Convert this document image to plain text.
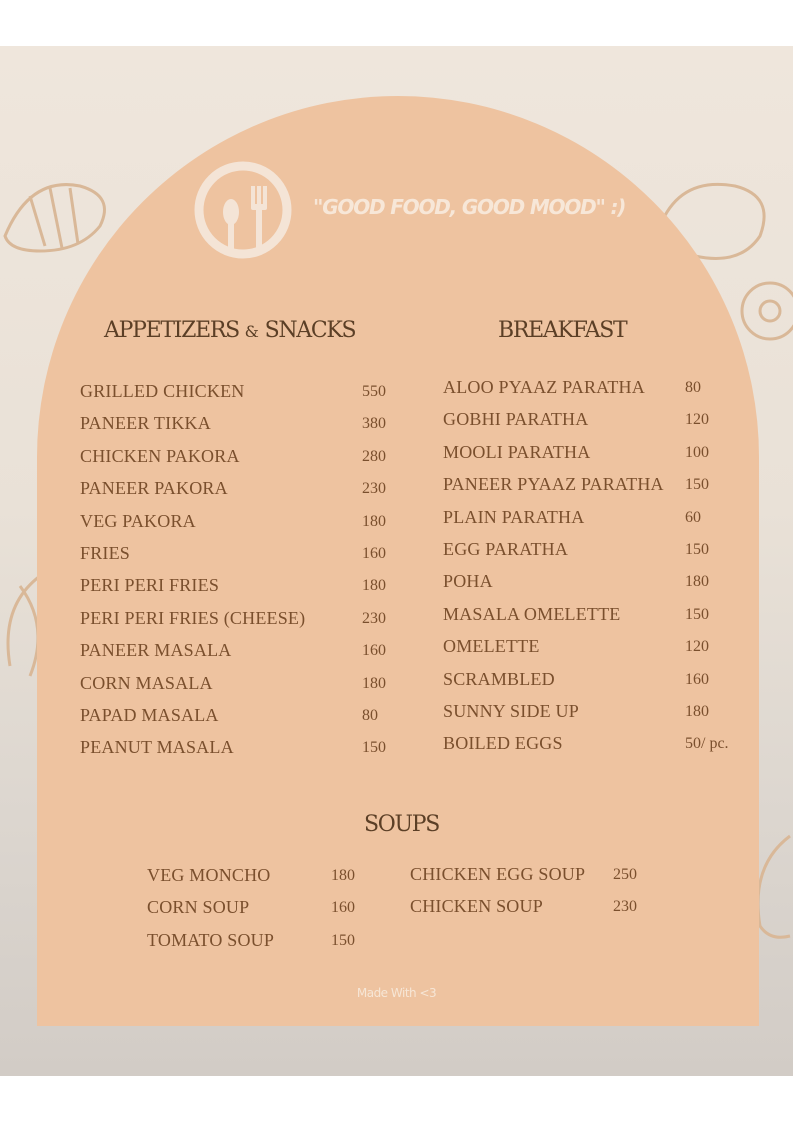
"GOOD FOOD, GOOD MOOD" :)
APPETIZERS & SNACKS	BREAKFAST
GRILLED CHICKEN	550
PANEER TIKKA	380
CHICKEN PAKORA	280
PANEER PAKORA	230
VEG PAKORA	180
FRIES	160
PERI PERI FRIES	180
PERI PERI FRIES (CHEESE)	230
PANEER MASALA	160
CORN MASALA	180
PAPAD MASALA	80
PEANUT MASALA	150
ALOO PYAAZ PARATHA	80
GOBHI PARATHA	120
MOOLI PARATHA	100
PANEER PYAAZ PARATHA 150
PLAIN PARATHA	60
EGG PARATHA	150
POHA	180
MASALA OMELETTE	150
OMELETTE	120
SCRAMBLED	160
SUNNY SIDE UP	180
BOILED EGGS	50/ pc.
SOUPS
VEG MONCHO	180
CORN SOUP	160
TOMATO SOUP	150
CHICKEN EGG SOUP 250
CHICKEN SOUP	230
Made With <3
